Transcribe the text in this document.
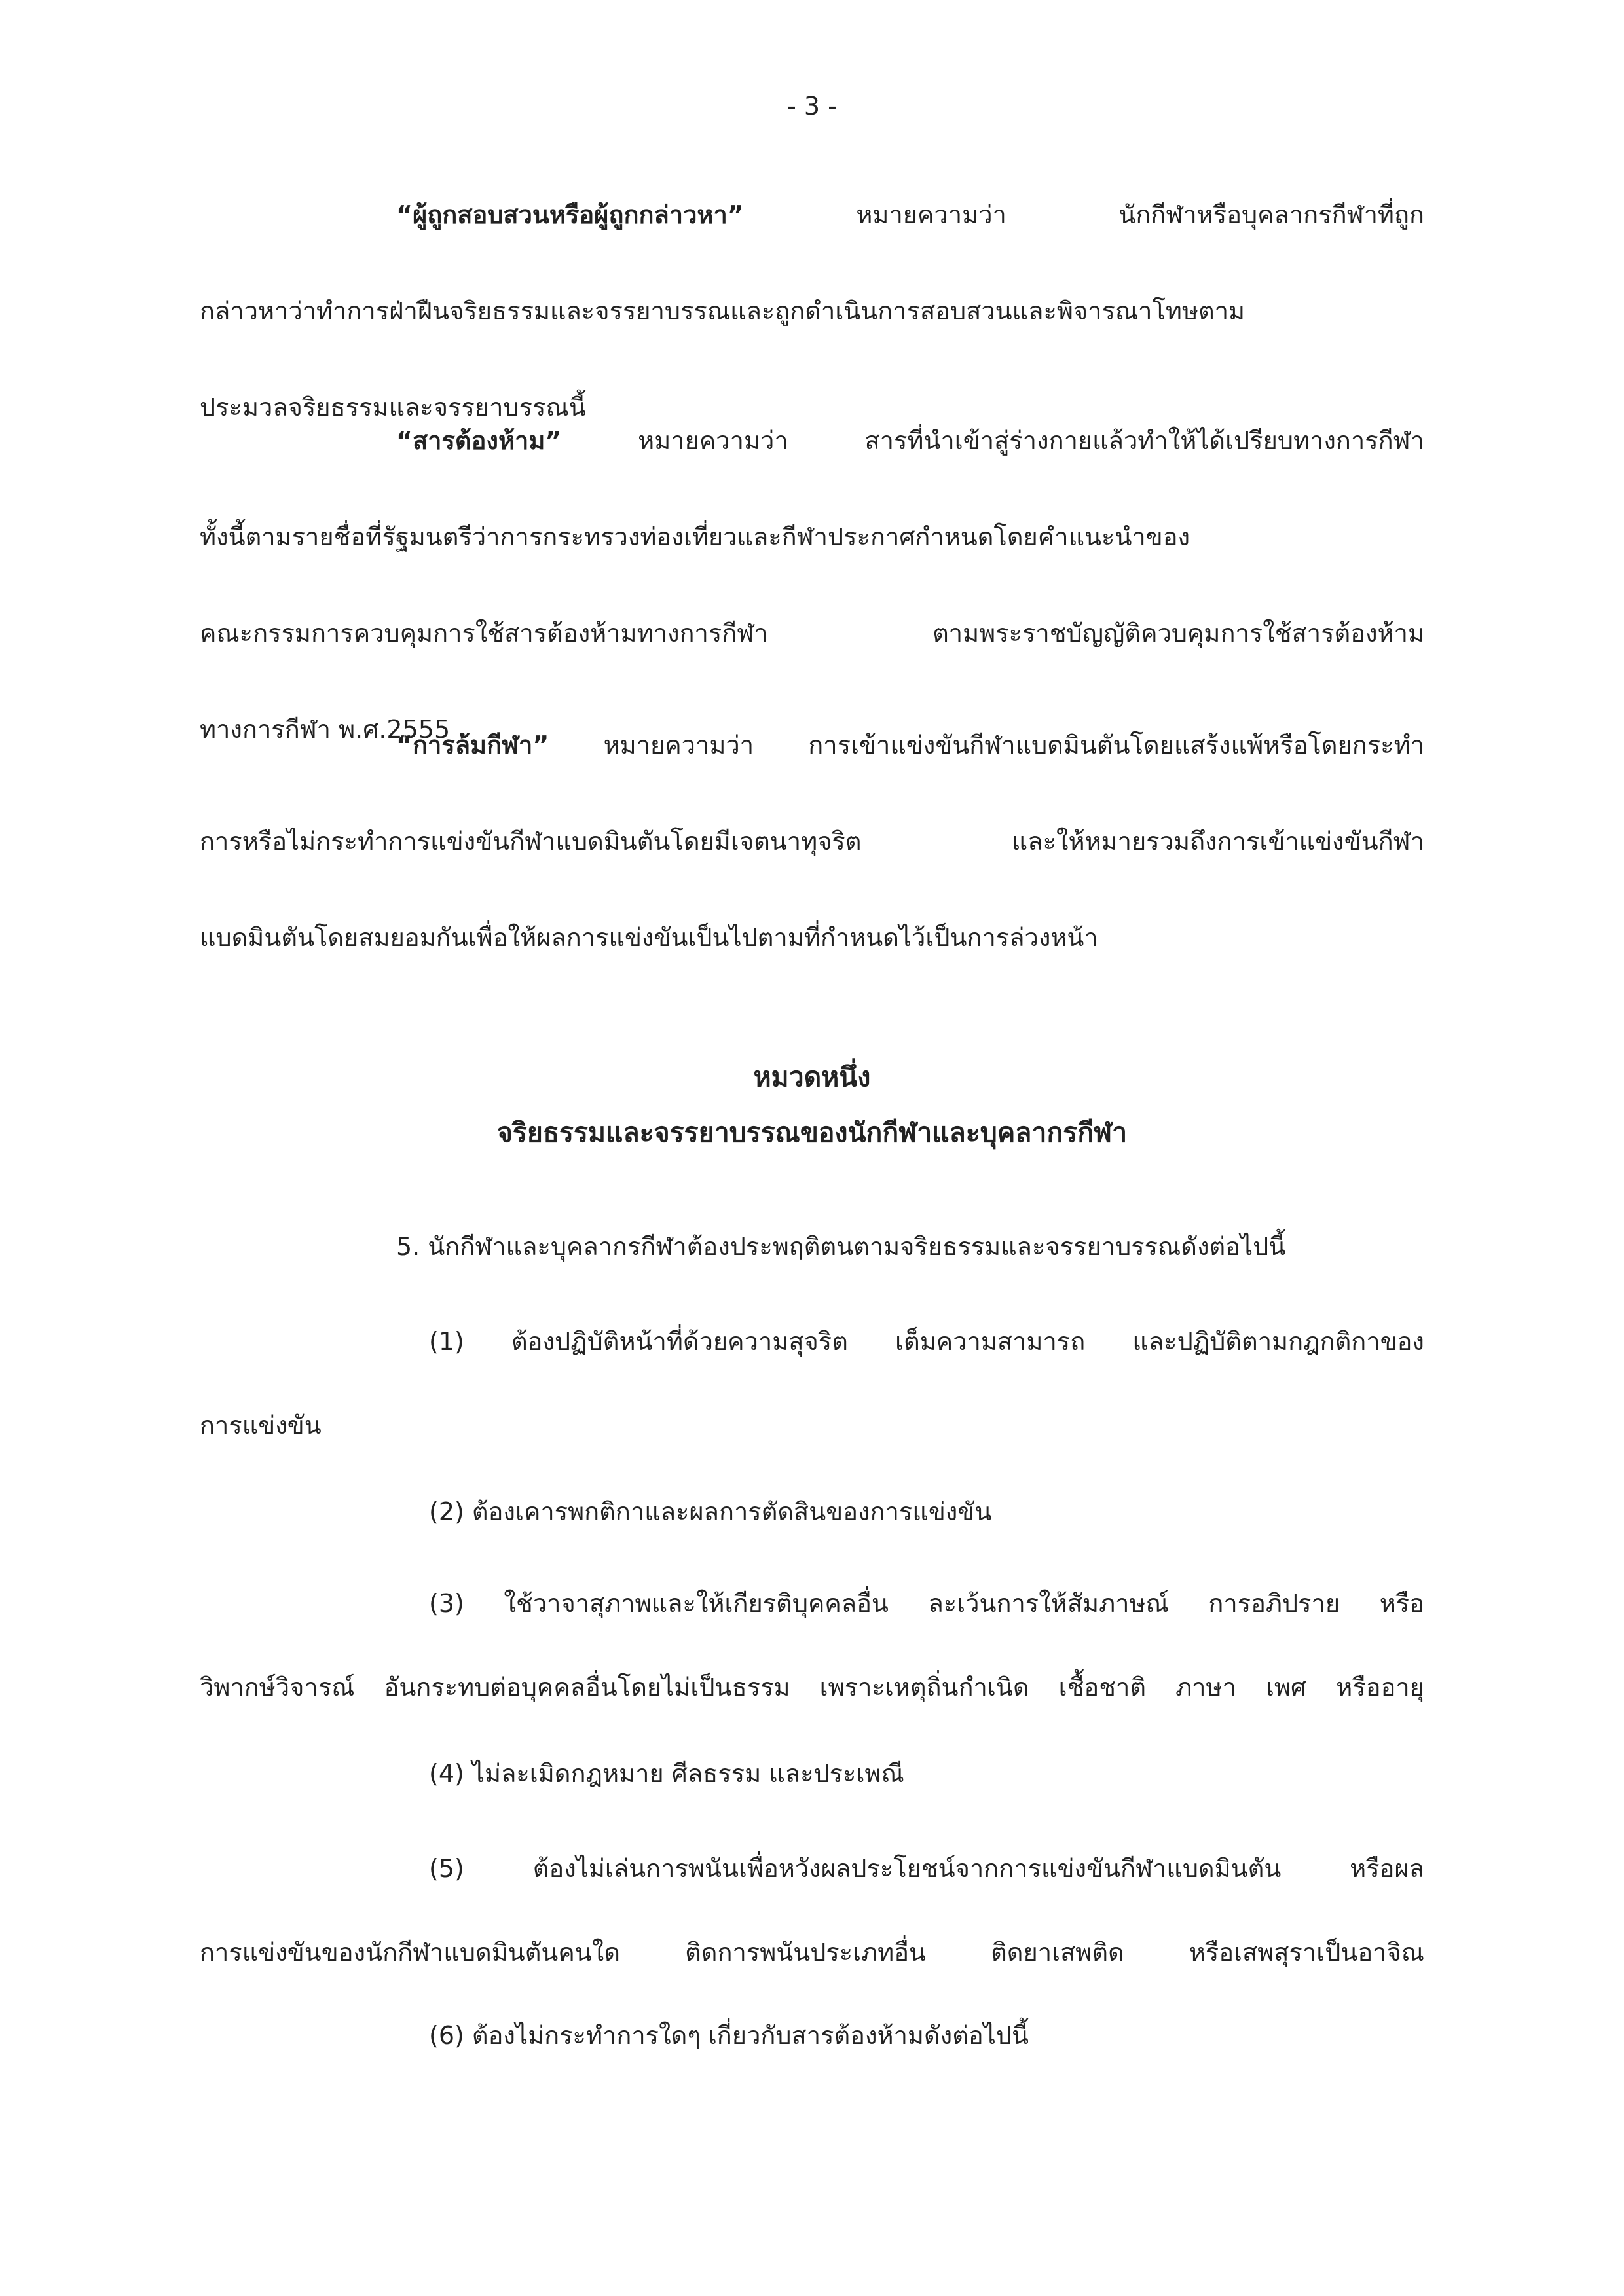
- 3 -
“ผู้ถูกสอบสวนหรือผู้ถูกกล่าวหา” หมายความว่า นักกีฬาหรือบุคลากรกีฬาที่ถูก
กล่าวหาว่าทำการฝ่าฝืนจริยธรรมและจรรยาบรรณและถูกดำเนินการสอบสวนและพิจารณาโทษตาม
ประมวลจริยธรรมและจรรยาบรรณนี้
“สารต้องห้าม” หมายความว่า สารที่นำเข้าสู่ร่างกายแล้วทำให้ได้เปรียบทางการกีฬา
ทั้งนี้ตามรายชื่อที่รัฐมนตรีว่าการกระทรวงท่องเที่ยวและกีฬาประกาศกำหนดโดยคำแนะนำของ
คณะกรรมการควบคุมการใช้สารต้องห้ามทางการกีฬา ตามพระราชบัญญัติควบคุมการใช้สารต้องห้าม
ทางการกีฬา พ.ศ.2555
“การล้มกีฬา” หมายความว่า การเข้าแข่งขันกีฬาแบดมินตันโดยแสร้งแพ้หรือโดยกระทำ
การหรือไม่กระทำการแข่งขันกีฬาแบดมินตันโดยมีเจตนาทุจริต และให้หมายรวมถึงการเข้าแข่งขันกีฬา
แบดมินตันโดยสมยอมกันเพื่อให้ผลการแข่งขันเป็นไปตามที่กำหนดไว้เป็นการล่วงหน้า
หมวดหนึ่ง
จริยธรรมและจรรยาบรรณของนักกีฬาและบุคลากรกีฬา
5. นักกีฬาและบุคลากรกีฬาต้องประพฤติตนตามจริยธรรมและจรรยาบรรณดังต่อไปนี้
(1) ต้องปฏิบัติหน้าที่ด้วยความสุจริต เต็มความสามารถ และปฏิบัติตามกฎกติกาของ
การแข่งขัน
(2) ต้องเคารพกติกาและผลการตัดสินของการแข่งขัน
(3) ใช้วาจาสุภาพและให้เกียรติบุคคลอื่น ละเว้นการให้สัมภาษณ์ การอภิปราย หรือ
วิพากษ์วิจารณ์ อันกระทบต่อบุคคลอื่นโดยไม่เป็นธรรม เพราะเหตุถิ่นกำเนิด เชื้อชาติ ภาษา เพศ หรืออายุ
(4) ไม่ละเมิดกฎหมาย ศีลธรรม และประเพณี
(5) ต้องไม่เล่นการพนันเพื่อหวังผลประโยชน์จากการแข่งขันกีฬาแบดมินตัน หรือผล
การแข่งขันของนักกีฬาแบดมินตันคนใด ติดการพนันประเภทอื่น ติดยาเสพติด หรือเสพสุราเป็นอาจิณ
(6) ต้องไม่กระทำการใดๆ เกี่ยวกับสารต้องห้ามดังต่อไปนี้
